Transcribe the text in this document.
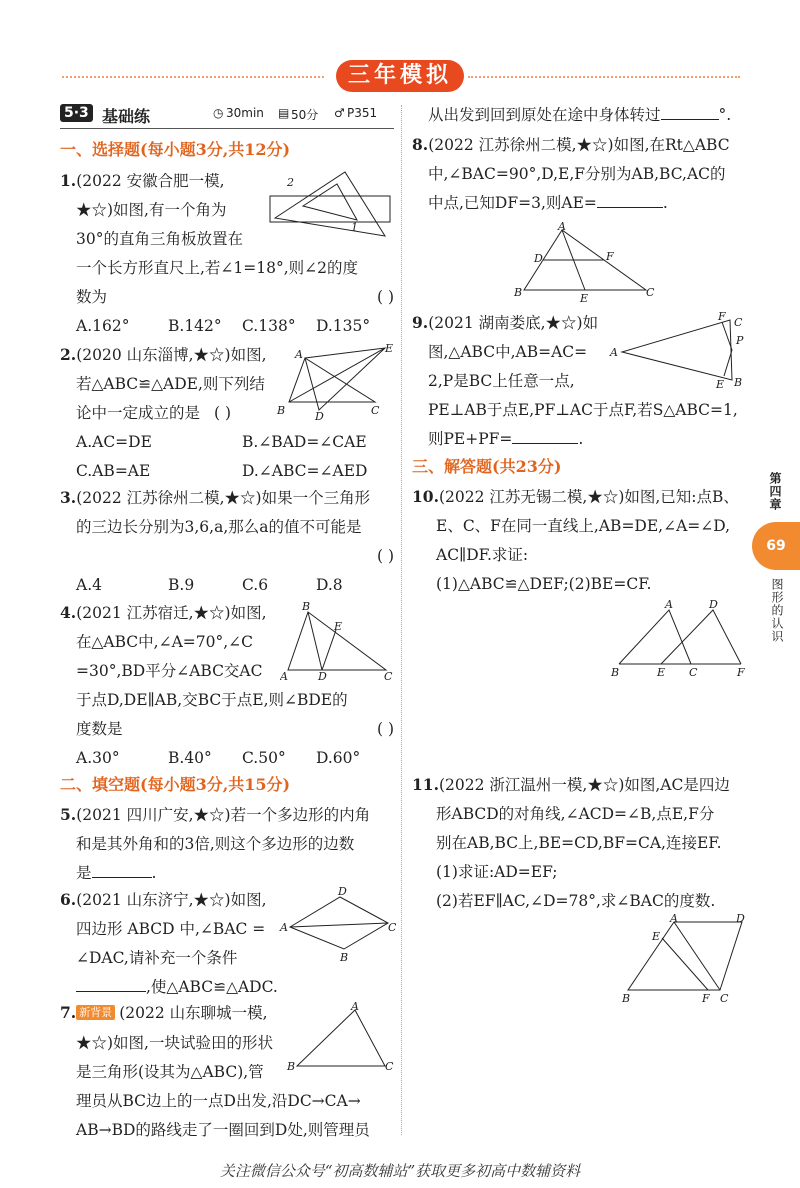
三年模拟
5·3 基础练	◷ 30min ▤ 50分 ♂ P351
一、选择题(每小题3分,共12分)
1.(2022 安徽合肥一模,
★☆)如图,有一个角为
30°的直角三角板放置在
一个长方形直尺上,若∠1=18°,则∠2的度
数为	( )
A.162° B.142° C.138° D.135°
2
1
2.(2020 山东淄博,★☆)如图,
若△ABC≌△ADE,则下列结
论中一定成立的是 ( )
A.AC=DE	B.∠BAD=∠CAE
C.AB=AE	D.∠ABC=∠AED
A	E
B	D	C
3.(2022 江苏徐州二模,★☆)如果一个三角形
的三边长分别为3,6,a,那么a的值不可能是
( )
A.4	B.9	C.6	D.8
4.(2021 江苏宿迁,★☆)如图,
在△ABC中,∠A=70°,∠C
=30°,BD平分∠ABC交AC
于点D,DE∥AB,交BC于点E,则∠BDE的
度数是	( )
A.30°	B.40° C.50° D.60°
B
E
A	D	C
二、填空题(每小题3分,共15分)
5.(2021 四川广安,★☆)若一个多边形的内角
和是其外角和的3倍,则这个多边形的边数
是	.
6.(2021 山东济宁,★☆)如图,
四边形 ABCD 中,∠BAC =
∠DAC,请补充一个条件
,使△ABC≌△ADC.
D
A	C
B
7. 新背景 (2022 山东聊城一模,
★☆)如图,一块试验田的形状
是三角形(设其为△ABC),管
理员从BC边上的一点D出发,沿DC→CA→
AB→BD的路线走了一圈回到D处,则管理员
A
B	C
从出发到回到原处在途中身体转过	°.
8.(2022 江苏徐州二模,★☆)如图,在Rt△ABC
中,∠BAC=90°,D,E,F分别为AB,BC,AC的
中点,已知DF=3,则AE=	.
A
D	F
B	E	C
9.(2021 湖南娄底,★☆)如
图,△ABC中,AB=AC=
2,P是BC上任意一点,
PE⊥AB于点E,PF⊥AC于点F,若S△ABC=1,
则PE+PF=	.
F C
A
P
E B
三、解答题(共23分)
10.(2022 江苏无锡二模,★☆)如图,已知:点B、
E、C、F在同一直线上,AB=DE,∠A=∠D,
AC∥DF.求证:
(1)△ABC≌△DEF;(2)BE=CF.
A	D
B	E C	F
11.(2022 浙江温州一模,★☆)如图,AC是四边
形ABCD的对角线,∠ACD=∠B,点E,F分
别在AB,BC上,BE=CD,BF=CA,连接EF.
(1)求证:AD=EF;
(2)若EF∥AC,∠D=78°,求∠BAC的度数.
A	D
E
B	F C
第四章
69
图形的认识
关注微信公众号“初高数辅站”获取更多初高中数辅资料
